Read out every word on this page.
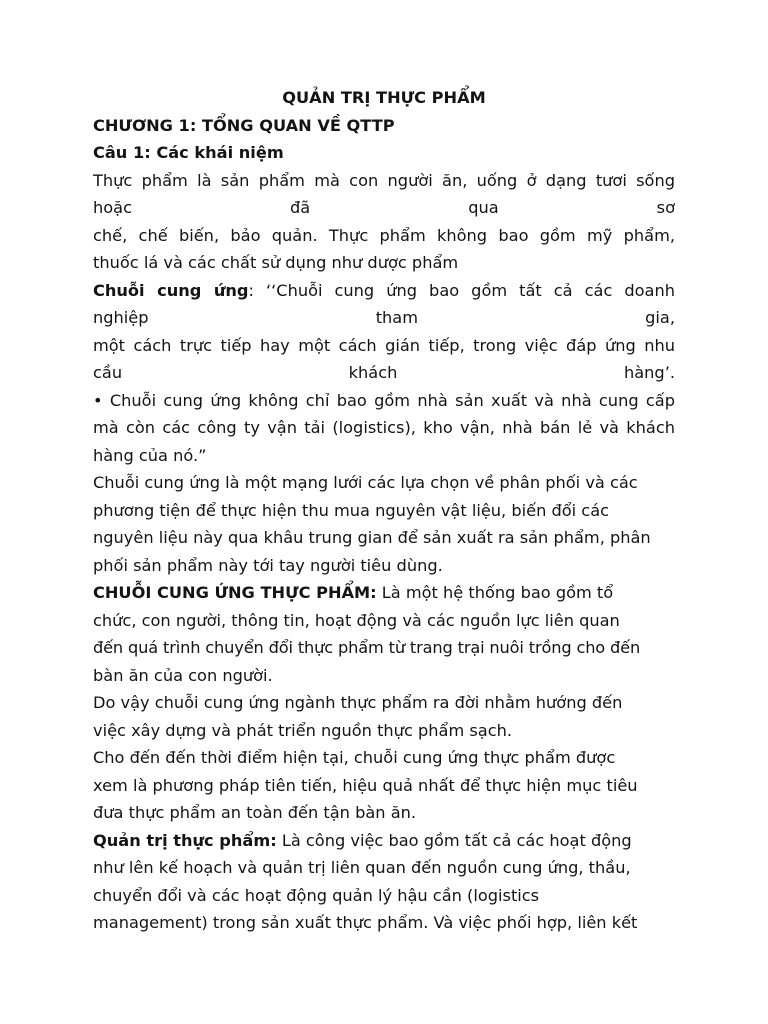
QUẢN TRỊ THỰC PHẨM

CHƯƠNG 1: TỔNG QUAN VỀ QTTP

Câu 1: Các khái niệm

Thực phẩm là sản phẩm mà con người ăn, uống ở dạng tươi sống
hoặc đã qua sơ
chế, chế biến, bảo quản. Thực phẩm không bao gồm mỹ phẩm,
thuốc lá và các chất sử dụng như dược phẩm
Chuỗi cung ứng: ‘‘Chuỗi cung ứng bao gồm tất cả các doanh
nghiệp tham gia,
một cách trực tiếp hay một cách gián tiếp, trong việc đáp ứng nhu
cầu khách hàng’.
• Chuỗi cung ứng không chỉ bao gồm nhà sản xuất và nhà cung cấp
mà còn các công ty vận tải (logistics), kho vận, nhà bán lẻ và khách
hàng của nó.”
Chuỗi cung ứng là một mạng lưới các lựa chọn về phân phối và các
phương tiện để thực hiện thu mua nguyên vật liệu, biến đổi các
nguyên liệu này qua khâu trung gian để sản xuất ra sản phẩm, phân
phối sản phẩm này tới tay người tiêu dùng.
CHUỖI CUNG ỨNG THỰC PHẨM: Là một hệ thống bao gồm tổ
chức, con người, thông tin, hoạt động và các nguồn lực liên quan
đến quá trình chuyển đổi thực phẩm từ trang trại nuôi trồng cho đến
bàn ăn của con người.
Do vậy chuỗi cung ứng ngành thực phẩm ra đời nhằm hướng đến
việc xây dựng và phát triển nguồn thực phẩm sạch.
Cho đến đến thời điểm hiện tại, chuỗi cung ứng thực phẩm được
xem là phương pháp tiên tiến, hiệu quả nhất để thực hiện mục tiêu
đưa thực phẩm an toàn đến tận bàn ăn.
Quản trị thực phẩm: Là công việc bao gồm tất cả các hoạt động
như lên kế hoạch và quản trị liên quan đến nguồn cung ứng, thầu,
chuyển đổi và các hoạt động quản lý hậu cần (logistics
management) trong sản xuất thực phẩm. Và việc phối hợp, liên kết
